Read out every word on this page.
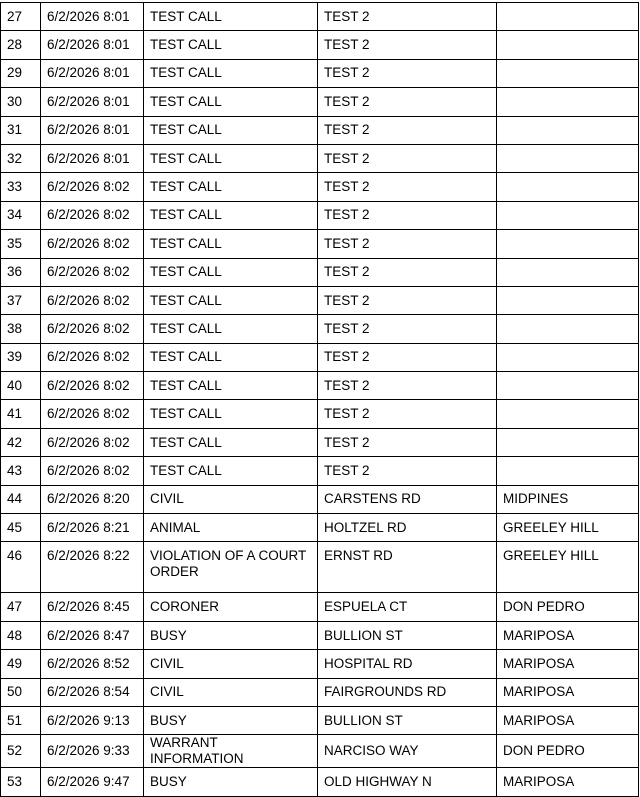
27	6/2/2026 8:01	TEST CALL	TEST 2	
28	6/2/2026 8:01	TEST CALL	TEST 2	
29	6/2/2026 8:01	TEST CALL	TEST 2	
30	6/2/2026 8:01	TEST CALL	TEST 2	
31	6/2/2026 8:01	TEST CALL	TEST 2	
32	6/2/2026 8:01	TEST CALL	TEST 2	
33	6/2/2026 8:02	TEST CALL	TEST 2	
34	6/2/2026 8:02	TEST CALL	TEST 2	
35	6/2/2026 8:02	TEST CALL	TEST 2	
36	6/2/2026 8:02	TEST CALL	TEST 2	
37	6/2/2026 8:02	TEST CALL	TEST 2	
38	6/2/2026 8:02	TEST CALL	TEST 2	
39	6/2/2026 8:02	TEST CALL	TEST 2	
40	6/2/2026 8:02	TEST CALL	TEST 2	
41	6/2/2026 8:02	TEST CALL	TEST 2	
42	6/2/2026 8:02	TEST CALL	TEST 2	
43	6/2/2026 8:02	TEST CALL	TEST 2	
44	6/2/2026 8:20	CIVIL	CARSTENS RD	MIDPINES
45	6/2/2026 8:21	ANIMAL	HOLTZEL RD	GREELEY HILL
46	6/2/2026 8:22	VIOLATION OF A COURT ORDER	ERNST RD	GREELEY HILL
47	6/2/2026 8:45	CORONER	ESPUELA CT	DON PEDRO
48	6/2/2026 8:47	BUSY	BULLION ST	MARIPOSA
49	6/2/2026 8:52	CIVIL	HOSPITAL RD	MARIPOSA
50	6/2/2026 8:54	CIVIL	FAIRGROUNDS RD	MARIPOSA
51	6/2/2026 9:13	BUSY	BULLION ST	MARIPOSA
52	6/2/2026 9:33	WARRANT INFORMATION	NARCISO WAY	DON PEDRO
53	6/2/2026 9:47	BUSY	OLD HIGHWAY N	MARIPOSA
